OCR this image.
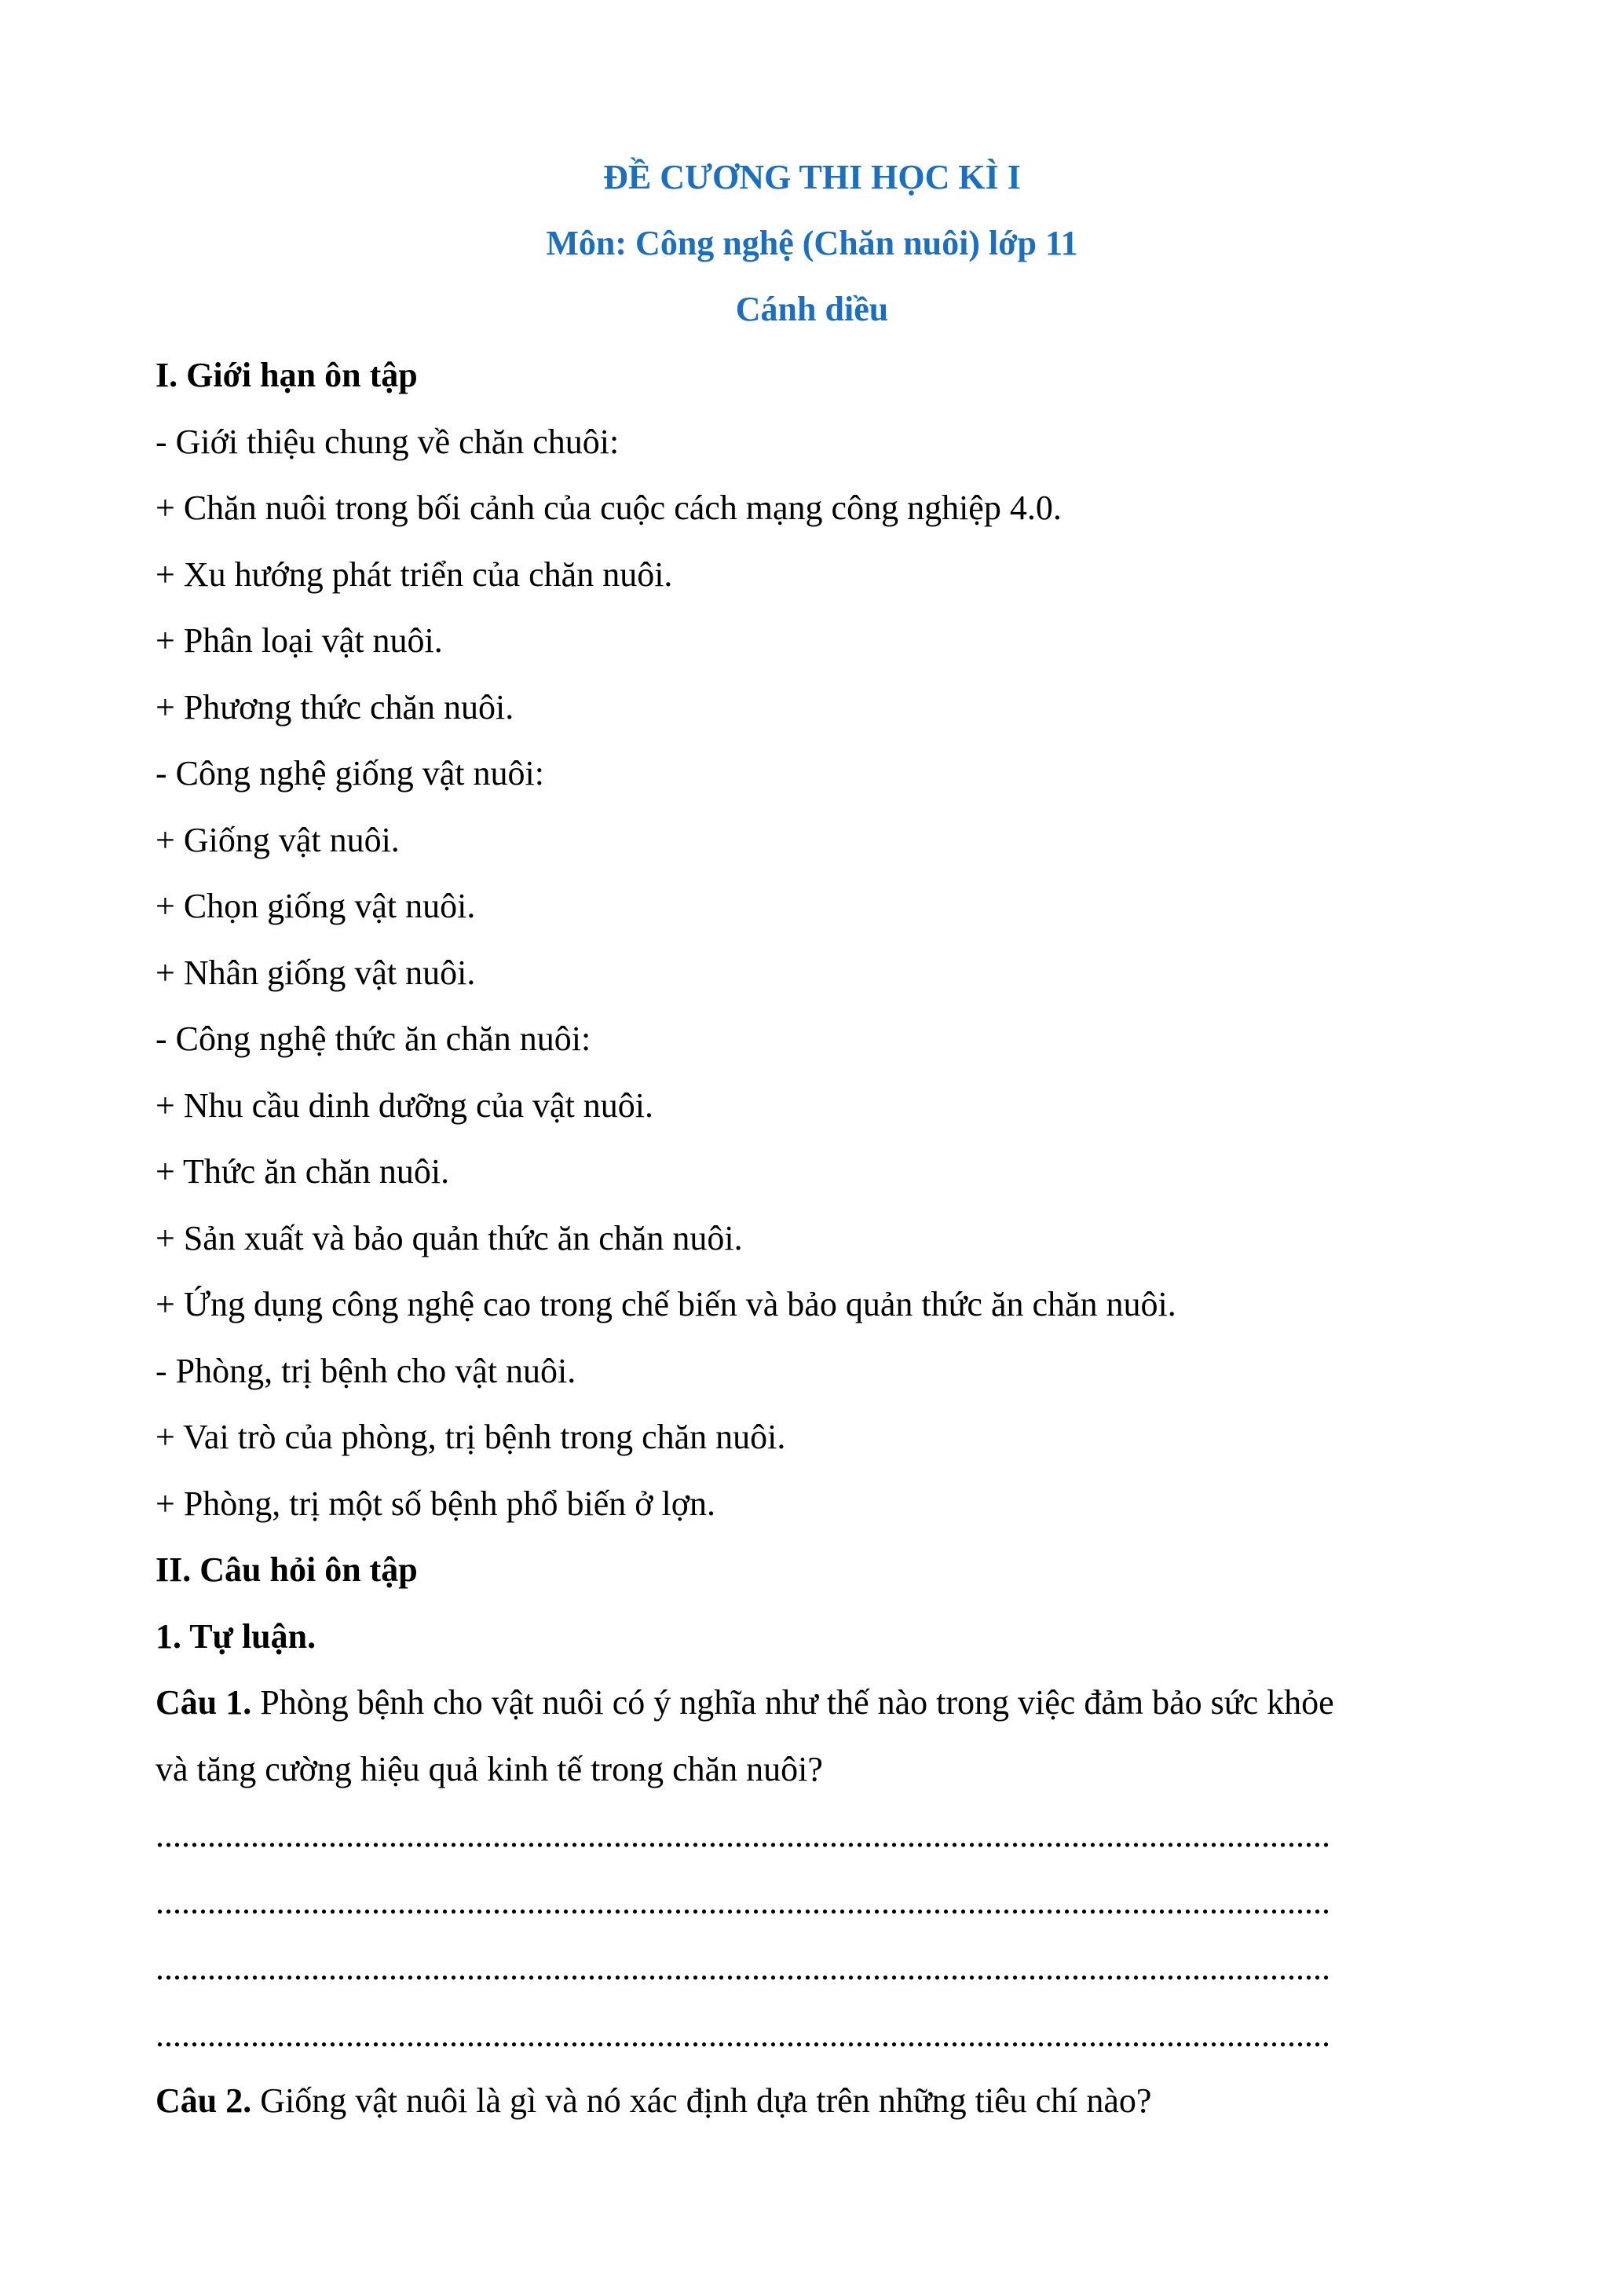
ĐỀ CƯƠNG THI HỌC KÌ I
Môn: Công nghệ (Chăn nuôi) lớp 11
Cánh diều
I. Giới hạn ôn tập
- Giới thiệu chung về chăn chuôi:
+ Chăn nuôi trong bối cảnh của cuộc cách mạng công nghiệp 4.0.
+ Xu hướng phát triển của chăn nuôi.
+ Phân loại vật nuôi.
+ Phương thức chăn nuôi.
- Công nghệ giống vật nuôi:
+ Giống vật nuôi.
+ Chọn giống vật nuôi.
+ Nhân giống vật nuôi.
- Công nghệ thức ăn chăn nuôi:
+ Nhu cầu dinh dưỡng của vật nuôi.
+ Thức ăn chăn nuôi.
+ Sản xuất và bảo quản thức ăn chăn nuôi.
+ Ứng dụng công nghệ cao trong chế biến và bảo quản thức ăn chăn nuôi.
- Phòng, trị bệnh cho vật nuôi.
+ Vai trò của phòng, trị bệnh trong chăn nuôi.
+ Phòng, trị một số bệnh phổ biến ở lợn.
II. Câu hỏi ôn tập
1. Tự luận.
Câu 1. Phòng bệnh cho vật nuôi có ý nghĩa như thế nào trong việc đảm bảo sức khỏe
và tăng cường hiệu quả kinh tế trong chăn nuôi?
........................................................................................................................................
........................................................................................................................................
........................................................................................................................................
........................................................................................................................................
Câu 2. Giống vật nuôi là gì và nó xác định dựa trên những tiêu chí nào?
